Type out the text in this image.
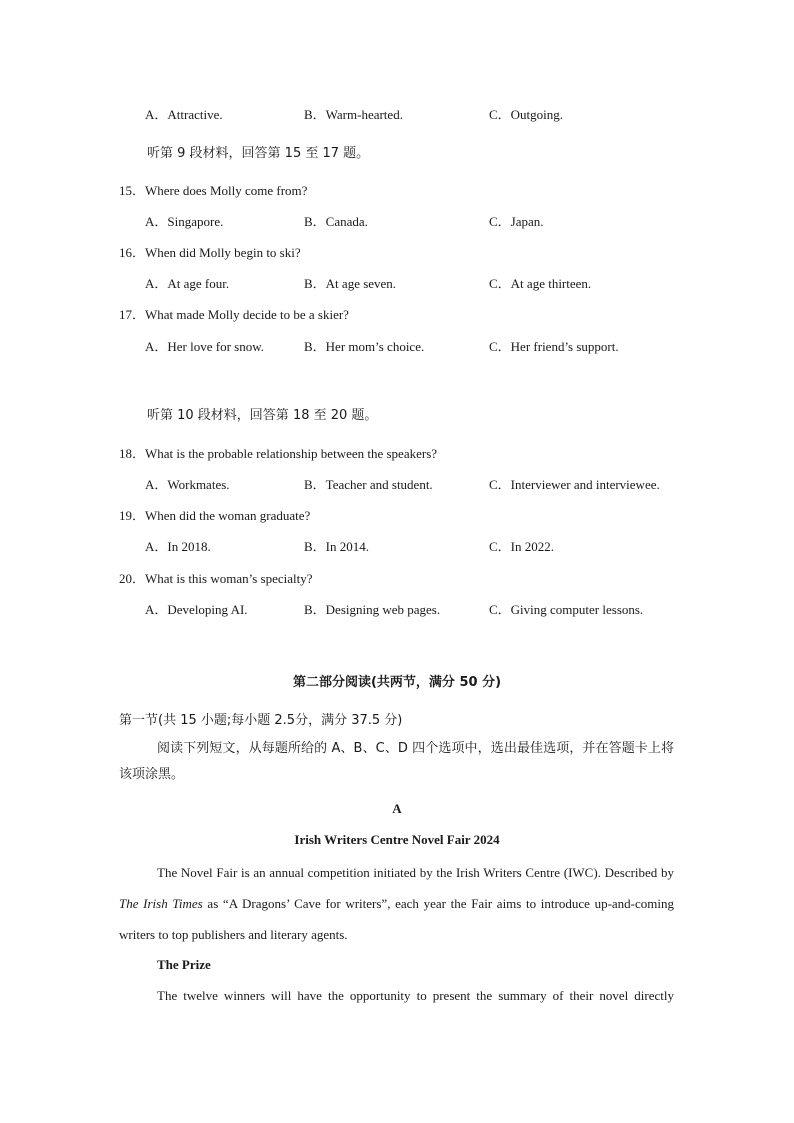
A．Attractive.	B．Warm-hearted.	C．Outgoing.
听第 9 段材料，回答第 15 至 17 题。
15．Where does Molly come from?
A．Singapore.	B．Canada.	C．Japan.
16．When did Molly begin to ski?
A．At age four.	B．At age seven.	C．At age thirteen.
17．What made Molly decide to be a skier?
A．Her love for snow.	B．Her mom’s choice.	C．Her friend’s support.
听第 10 段材料，回答第 18 至 20 题。
18．What is the probable relationship between the speakers?
A．Workmates.	B．Teacher and student.	C．Interviewer and interviewee.
19．When did the woman graduate?
A．In 2018.	B．In 2014.	C．In 2022.
20．What is this woman’s specialty?
A．Developing AI.	B．Designing web pages.	C．Giving computer lessons.
第二部分阅读(共两节，满分 50 分)
第一节(共 15 小题;每小题 2.5分，满分 37.5 分)
阅读下列短文，从每题所给的 A、B、C、D 四个选项中，选出最佳选项，并在答题卡上将该项涂黑。
A
Irish Writers Centre Novel Fair 2024
The Novel Fair is an annual competition initiated by the Irish Writers Centre (IWC). Described by The Irish Times as “A Dragons’ Cave for writers”, each year the Fair aims to introduce up-and-coming writers to top publishers and literary agents.
The Prize
The twelve winners will have the opportunity to present the summary of their novel directly
